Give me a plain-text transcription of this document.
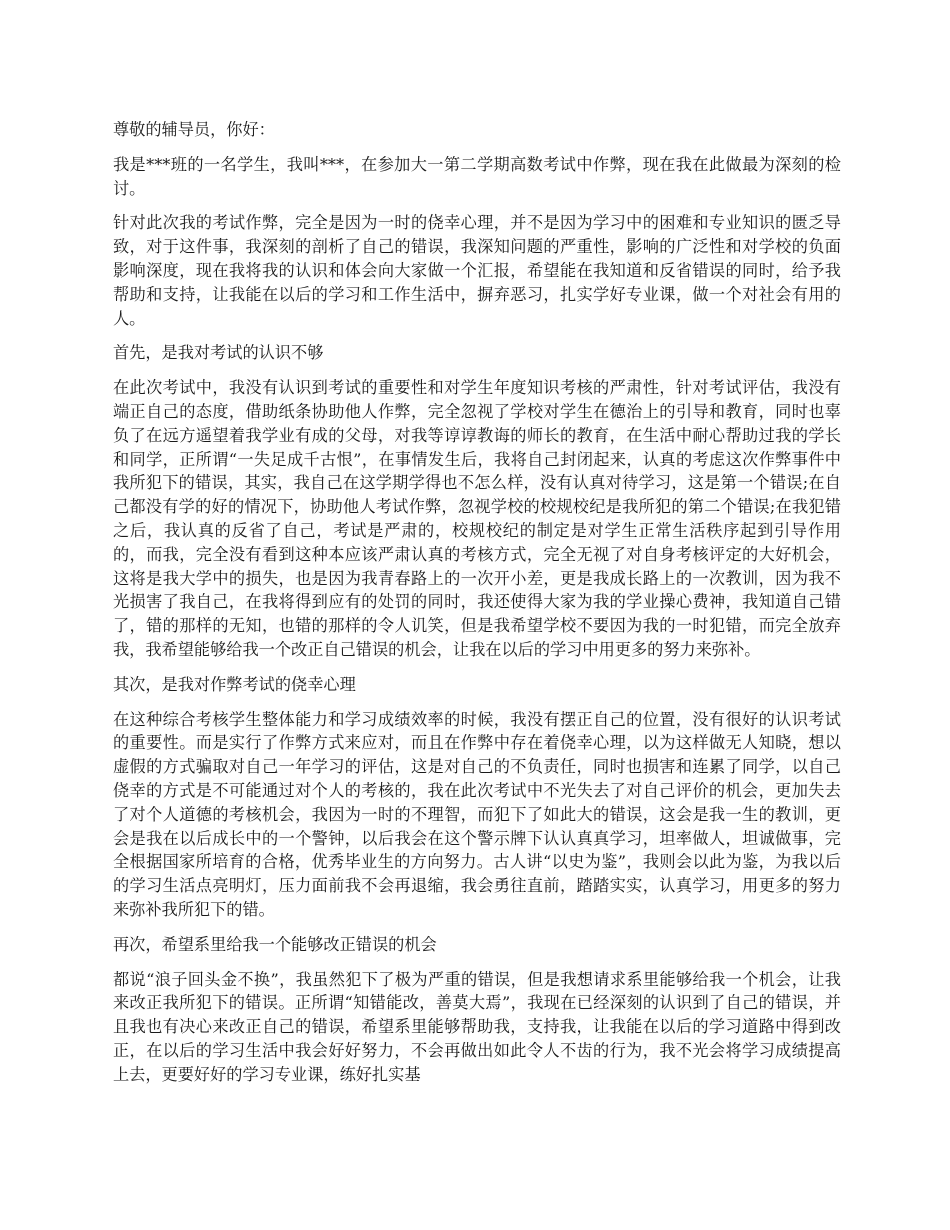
尊敬的辅导员，你好：

我是***班的一名学生，我叫***，在参加大一第二学期高数考试中作弊，现在我在此做最为深刻的检讨。

针对此次我的考试作弊，完全是因为一时的侥幸心理，并不是因为学习中的困难和专业知识的匮乏导致，对于这件事，我深刻的剖析了自己的错误，我深知问题的严重性，影响的广泛性和对学校的负面影响深度，现在我将我的认识和体会向大家做一个汇报，希望能在我知道和反省错误的同时，给予我帮助和支持，让我能在以后的学习和工作生活中，摒弃恶习，扎实学好专业课，做一个对社会有用的人。

首先，是我对考试的认识不够

在此次考试中，我没有认识到考试的重要性和对学生年度知识考核的严肃性，针对考试评估，我没有端正自己的态度，借助纸条协助他人作弊，完全忽视了学校对学生在德治上的引导和教育，同时也辜负了在远方遥望着我学业有成的父母，对我等谆谆教诲的师长的教育，在生活中耐心帮助过我的学长和同学，正所谓“一失足成千古恨”，在事情发生后，我将自己封闭起来，认真的考虑这次作弊事件中我所犯下的错误，其实，我自己在这学期学得也不怎么样，没有认真对待学习，这是第一个错误;在自己都没有学的好的情况下，协助他人考试作弊，忽视学校的校规校纪是我所犯的第二个错误;在我犯错之后，我认真的反省了自己，考试是严肃的，校规校纪的制定是对学生正常生活秩序起到引导作用的，而我，完全没有看到这种本应该严肃认真的考核方式，完全无视了对自身考核评定的大好机会，这将是我大学中的损失，也是因为我青春路上的一次开小差，更是我成长路上的一次教训，因为我不光损害了我自己，在我将得到应有的处罚的同时，我还使得大家为我的学业操心费神，我知道自己错了，错的那样的无知，也错的那样的令人讥笑，但是我希望学校不要因为我的一时犯错，而完全放弃我，我希望能够给我一个改正自己错误的机会，让我在以后的学习中用更多的努力来弥补。

其次，是我对作弊考试的侥幸心理

在这种综合考核学生整体能力和学习成绩效率的时候，我没有摆正自己的位置，没有很好的认识考试的重要性。而是实行了作弊方式来应对，而且在作弊中存在着侥幸心理，以为这样做无人知晓，想以虚假的方式骗取对自己一年学习的评估，这是对自己的不负责任，同时也损害和连累了同学，以自己侥幸的方式是不可能通过对个人的考核的，我在此次考试中不光失去了对自己评价的机会，更加失去了对个人道德的考核机会，我因为一时的不理智，而犯下了如此大的错误，这会是我一生的教训，更会是我在以后成长中的一个警钟，以后我会在这个警示牌下认认真真学习，坦率做人，坦诚做事，完全根据国家所培育的合格，优秀毕业生的方向努力。古人讲“以史为鉴”，我则会以此为鉴，为我以后的学习生活点亮明灯，压力面前我不会再退缩，我会勇往直前，踏踏实实，认真学习，用更多的努力来弥补我所犯下的错。

再次，希望系里给我一个能够改正错误的机会

都说“浪子回头金不换”，我虽然犯下了极为严重的错误，但是我想请求系里能够给我一个机会，让我来改正我所犯下的错误。正所谓“知错能改，善莫大焉”，我现在已经深刻的认识到了自己的错误，并且我也有决心来改正自己的错误，希望系里能够帮助我，支持我，让我能在以后的学习道路中得到改正，在以后的学习生活中我会好好努力，不会再做出如此令人不齿的行为，我不光会将学习成绩提高上去，更要好好的学习专业课，练好扎实基
